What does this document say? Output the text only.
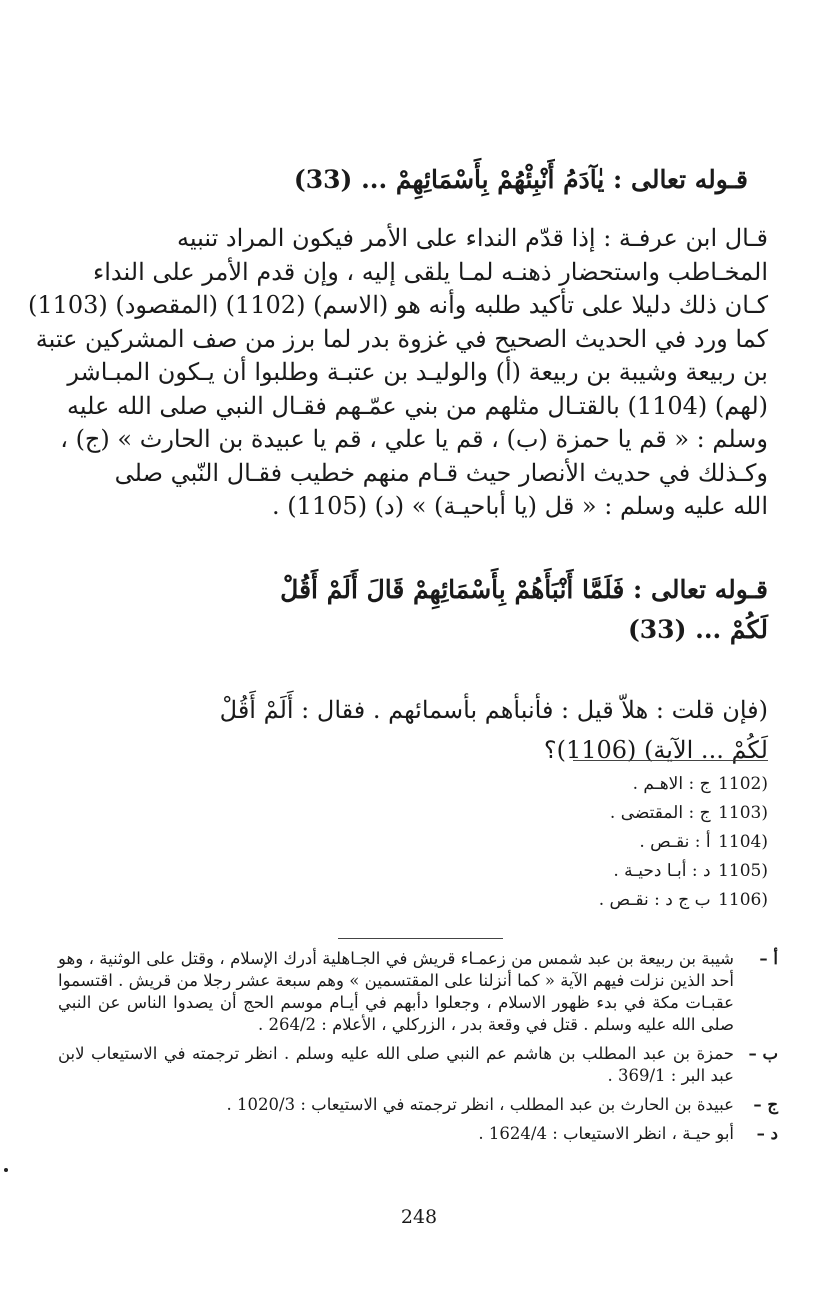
قـوله تعالى : يٰآدَمُ أَنْبِئْهُمْ بِأَسْمَائِهِمْ ... (33)

قـال ابن عرفـة : إذا قدّم النداء على الأمر فيكون المراد تنبيه
المخـاطب واستحضار ذهنـه لمـا يلقى إليه ، وإن قدم الأمر على النداء
كـان ذلك دليلا على تأكيد طلبه وأنه هو (الاسم) (1102) (المقصود) (1103)
كما ورد في الحديث الصحيح في غزوة بدر لما برز من صف المشركين عتبة
بن ربيعة وشيبة بن ربيعة (أ) والوليـد بن عتبـة وطلبوا أن يـكون المبـاشر
(لهم) (1104) بالقتـال مثلهم من بني عمّـهم فقـال النبي صلى الله عليه
وسلم : « قم يا حمزة (ب) ، قم يا علي ، قم يا عبيدة بن الحارث » (ج) ،
وكـذلك في حديث الأنصار حيث قـام منهم خطيب فقـال النّبي صلى
الله عليه وسلم : « قل (يا أباحيـة) » (د) (1105) .

قـوله تعالى : فَلَمَّا أَنْبَأَهُمْ بِأَسْمَائِهِمْ قَالَ أَلَمْ أَقُلْ
لَكُمْ ... (33)

(فإن قلت : هلاّ قيل : فأنبأهم بأسمائهم . فقال : أَلَمْ أَقُلْ
لَكُمْ ... الآية) (1106)؟

(1102 ج : الاهـم .
(1103 ج : المقتضى .
(1104 أ : نقـص .
(1105 د : أبـا دحيـة .
(1106 ب ج د : نقـص .
أ –
شيبة بن ربيعة بن عبد شمس من زعمـاء قريش في الجـاهلية أدرك الإسلام ، وقتل على الوثنية ، وهو أحد الذين نزلت فيهم الآية « كما أنزلنا على المقتسمين » وهم سبعة عشر رجلا من قريش . اقتسموا عقبـات مكة في بدء ظهور الاسلام ، وجعلوا دأبهم في أيـام موسم الحج أن يصدوا الناس عن النبي صلى الله عليه وسلم . قتل في وقعة بدر ، الزركلي ، الأعلام : 264/2 .
ب –
حمزة بن عبد المطلب بن هاشم عم النبي صلى الله عليه وسلم . انظر ترجمته في الاستيعاب لابن عبد البر : 369/1 .
ج –
عبيدة بن الحارث بن عبد المطلب ، انظر ترجمته في الاستيعاب : 1020/3 .
د –
أبو حيـة ، انظر الاستيعاب : 1624/4 .
248
